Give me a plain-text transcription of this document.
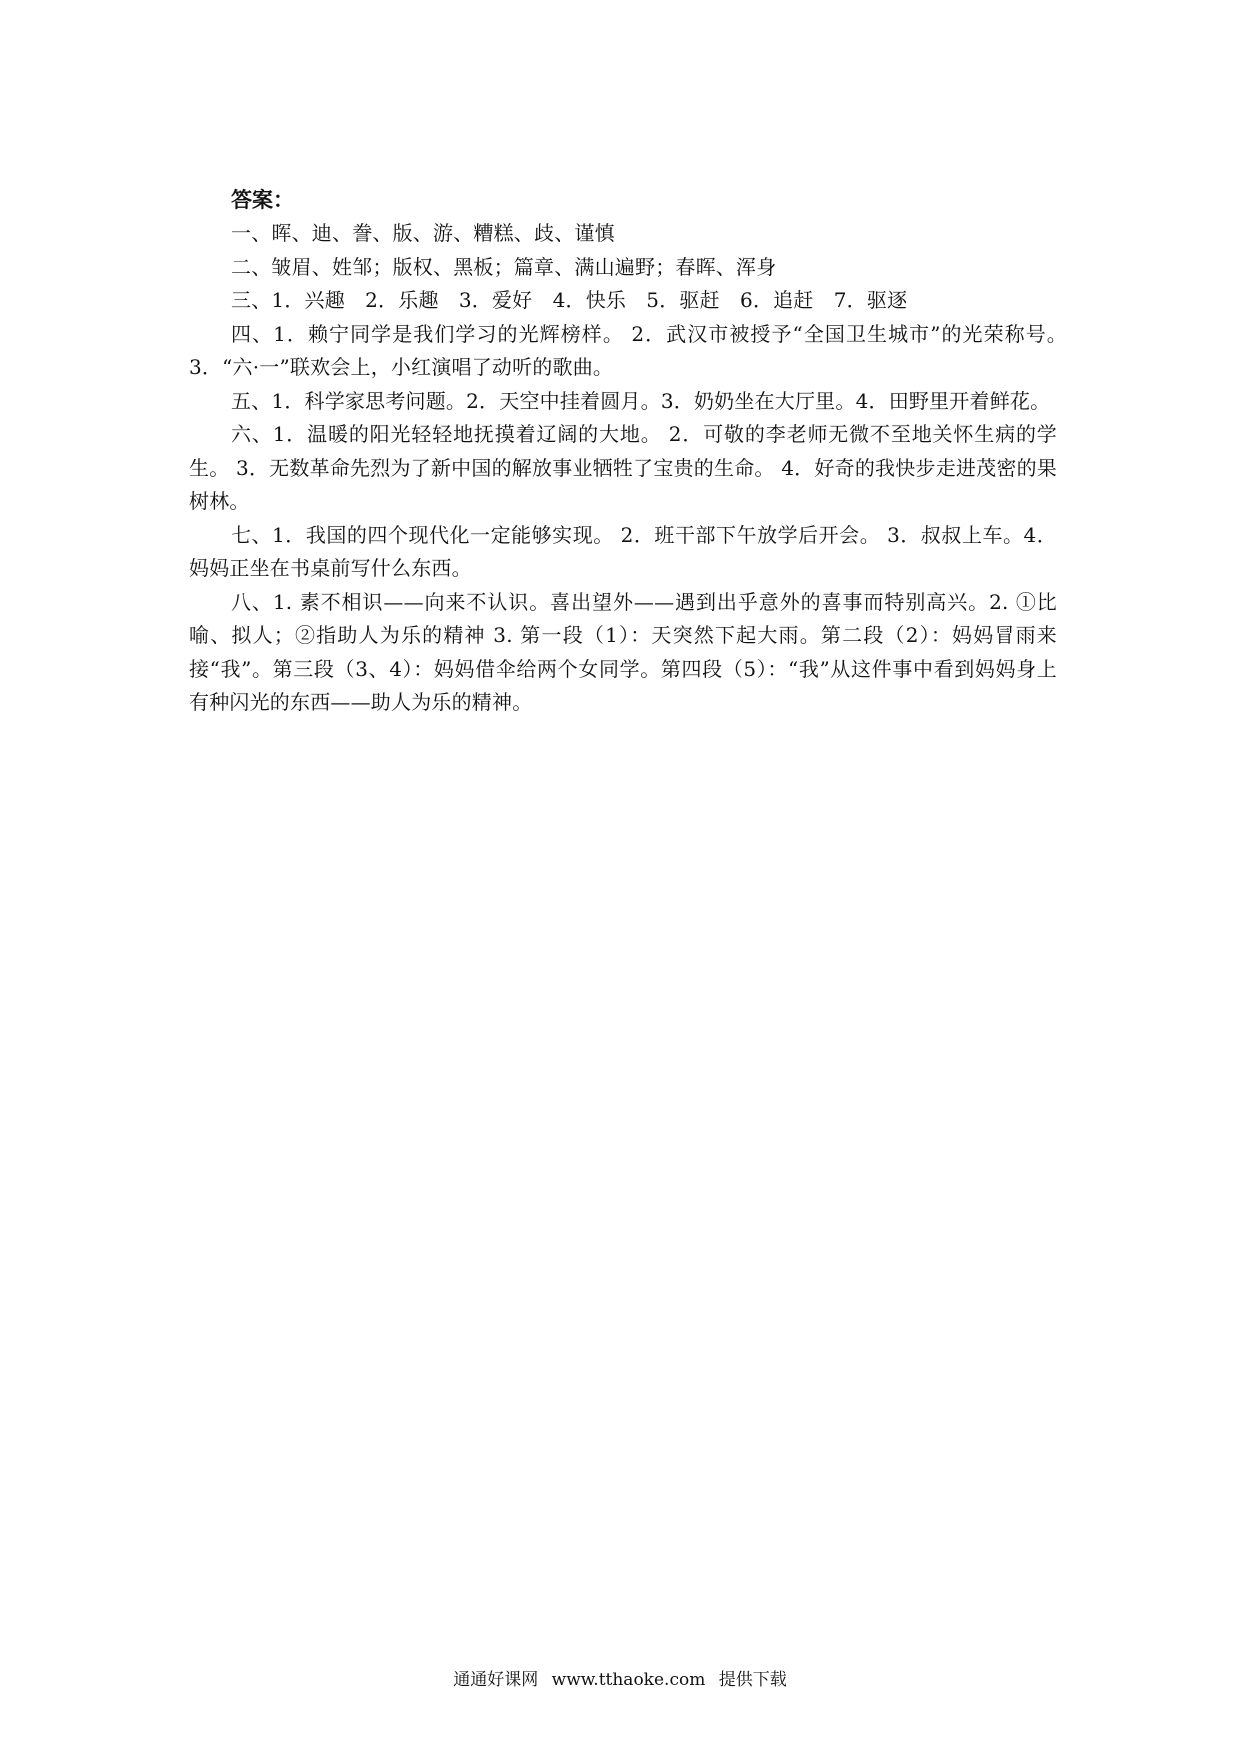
答案：

一、晖、迪、誊、版、游、糟糕、歧、谨慎

二、皱眉、姓邹；版权、黑板；篇章、满山遍野；春晖、浑身

三、1．兴趣　2．乐趣　3．爱好　4．快乐　5．驱赶　6．追赶　7．驱逐

四、1．赖宁同学是我们学习的光辉榜样。 2．武汉市被授予“全国卫生城市”的光荣称号。　　3．“六·一”联欢会上，小红演唱了动听的歌曲。

五、1．科学家思考问题。2．天空中挂着圆月。3．奶奶坐在大厅里。4．田野里开着鲜花。

六、1．温暖的阳光轻轻地抚摸着辽阔的大地。 2．可敬的李老师无微不至地关怀生病的学生。 3．无数革命先烈为了新中国的解放事业牺牲了宝贵的生命。 4．好奇的我快步走进茂密的果树林。

七、1．我国的四个现代化一定能够实现。 2．班干部下午放学后开会。 3．叔叔上车。4．妈妈正坐在书桌前写什么东西。

八、1. 素不相识——向来不认识。喜出望外——遇到出乎意外的喜事而特别高兴。2. ①比喻、拟人；②指助人为乐的精神 3. 第一段（1）：天突然下起大雨。第二段（2）：妈妈冒雨来接“我”。第三段（3、4）：妈妈借伞给两个女同学。第四段（5）：“我”从这件事中看到妈妈身上有种闪光的东西——助人为乐的精神。

通通好课网 www.tthaoke.com 提供下载
